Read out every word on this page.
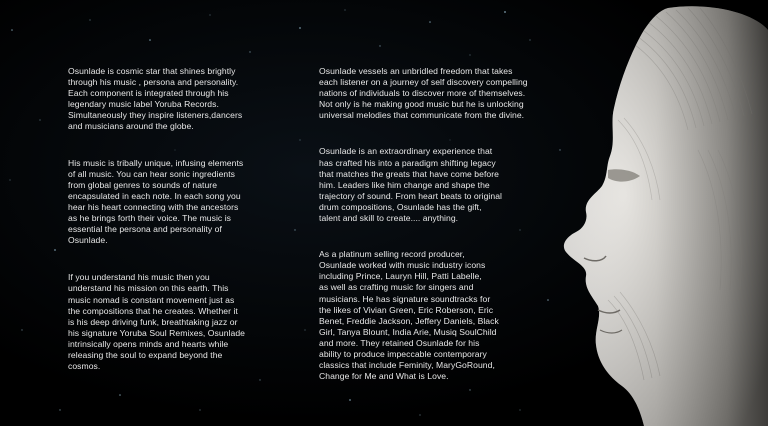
Osunlade is cosmic star that shines brightly
through his music , persona and personality.
Each component is integrated through his
legendary music label Yoruba Records.
Simultaneously they inspire listeners,dancers
and musicians around the globe.

His music is tribally unique, infusing elements
of all music. You can hear sonic ingredients
from global genres to sounds of nature
encapsulated in each note. In each song you
hear his heart connecting with the ancestors
as he brings forth their voice. The music is
essential the persona and personality of
Osunlade.

If you understand his music then you
understand his mission on this earth. This
music nomad is constant movement just as
the compositions that he creates. Whether it
is his deep driving funk, breathtaking jazz or
his signature Yoruba Soul Remixes, Osunlade
intrinsically opens minds and hearts while
releasing the soul to expand beyond the
cosmos.

Osunlade vessels an unbridled freedom that takes
each listener on a journey of self discovery compelling
nations of individuals to discover more of themselves.
Not only is he making good music but he is unlocking
universal melodies that communicate from the divine.

Osunlade is an extraordinary experience that
has crafted his into a paradigm shifting legacy
that matches the greats that have come before
him. Leaders like him change and shape the
trajectory of sound. From heart beats to original
drum compositions, Osunlade has the gift,
talent and skill to create.... anything.

As a platinum selling record producer,
Osunlade worked with music industry icons
including Prince, Lauryn Hill, Patti Labelle,
as well as crafting music for singers and
musicians. He has signature soundtracks for
the likes of Vivian Green, Eric Roberson, Eric
Benet, Freddie Jackson, Jeffery Daniels, Black
Girl, Tanya Blount, India Arie, Musiq SoulChild
and more. They retained Osunlade for his
ability to produce impeccable contemporary
classics that include Feminity, MaryGoRound,
Change for Me and What is Love.
